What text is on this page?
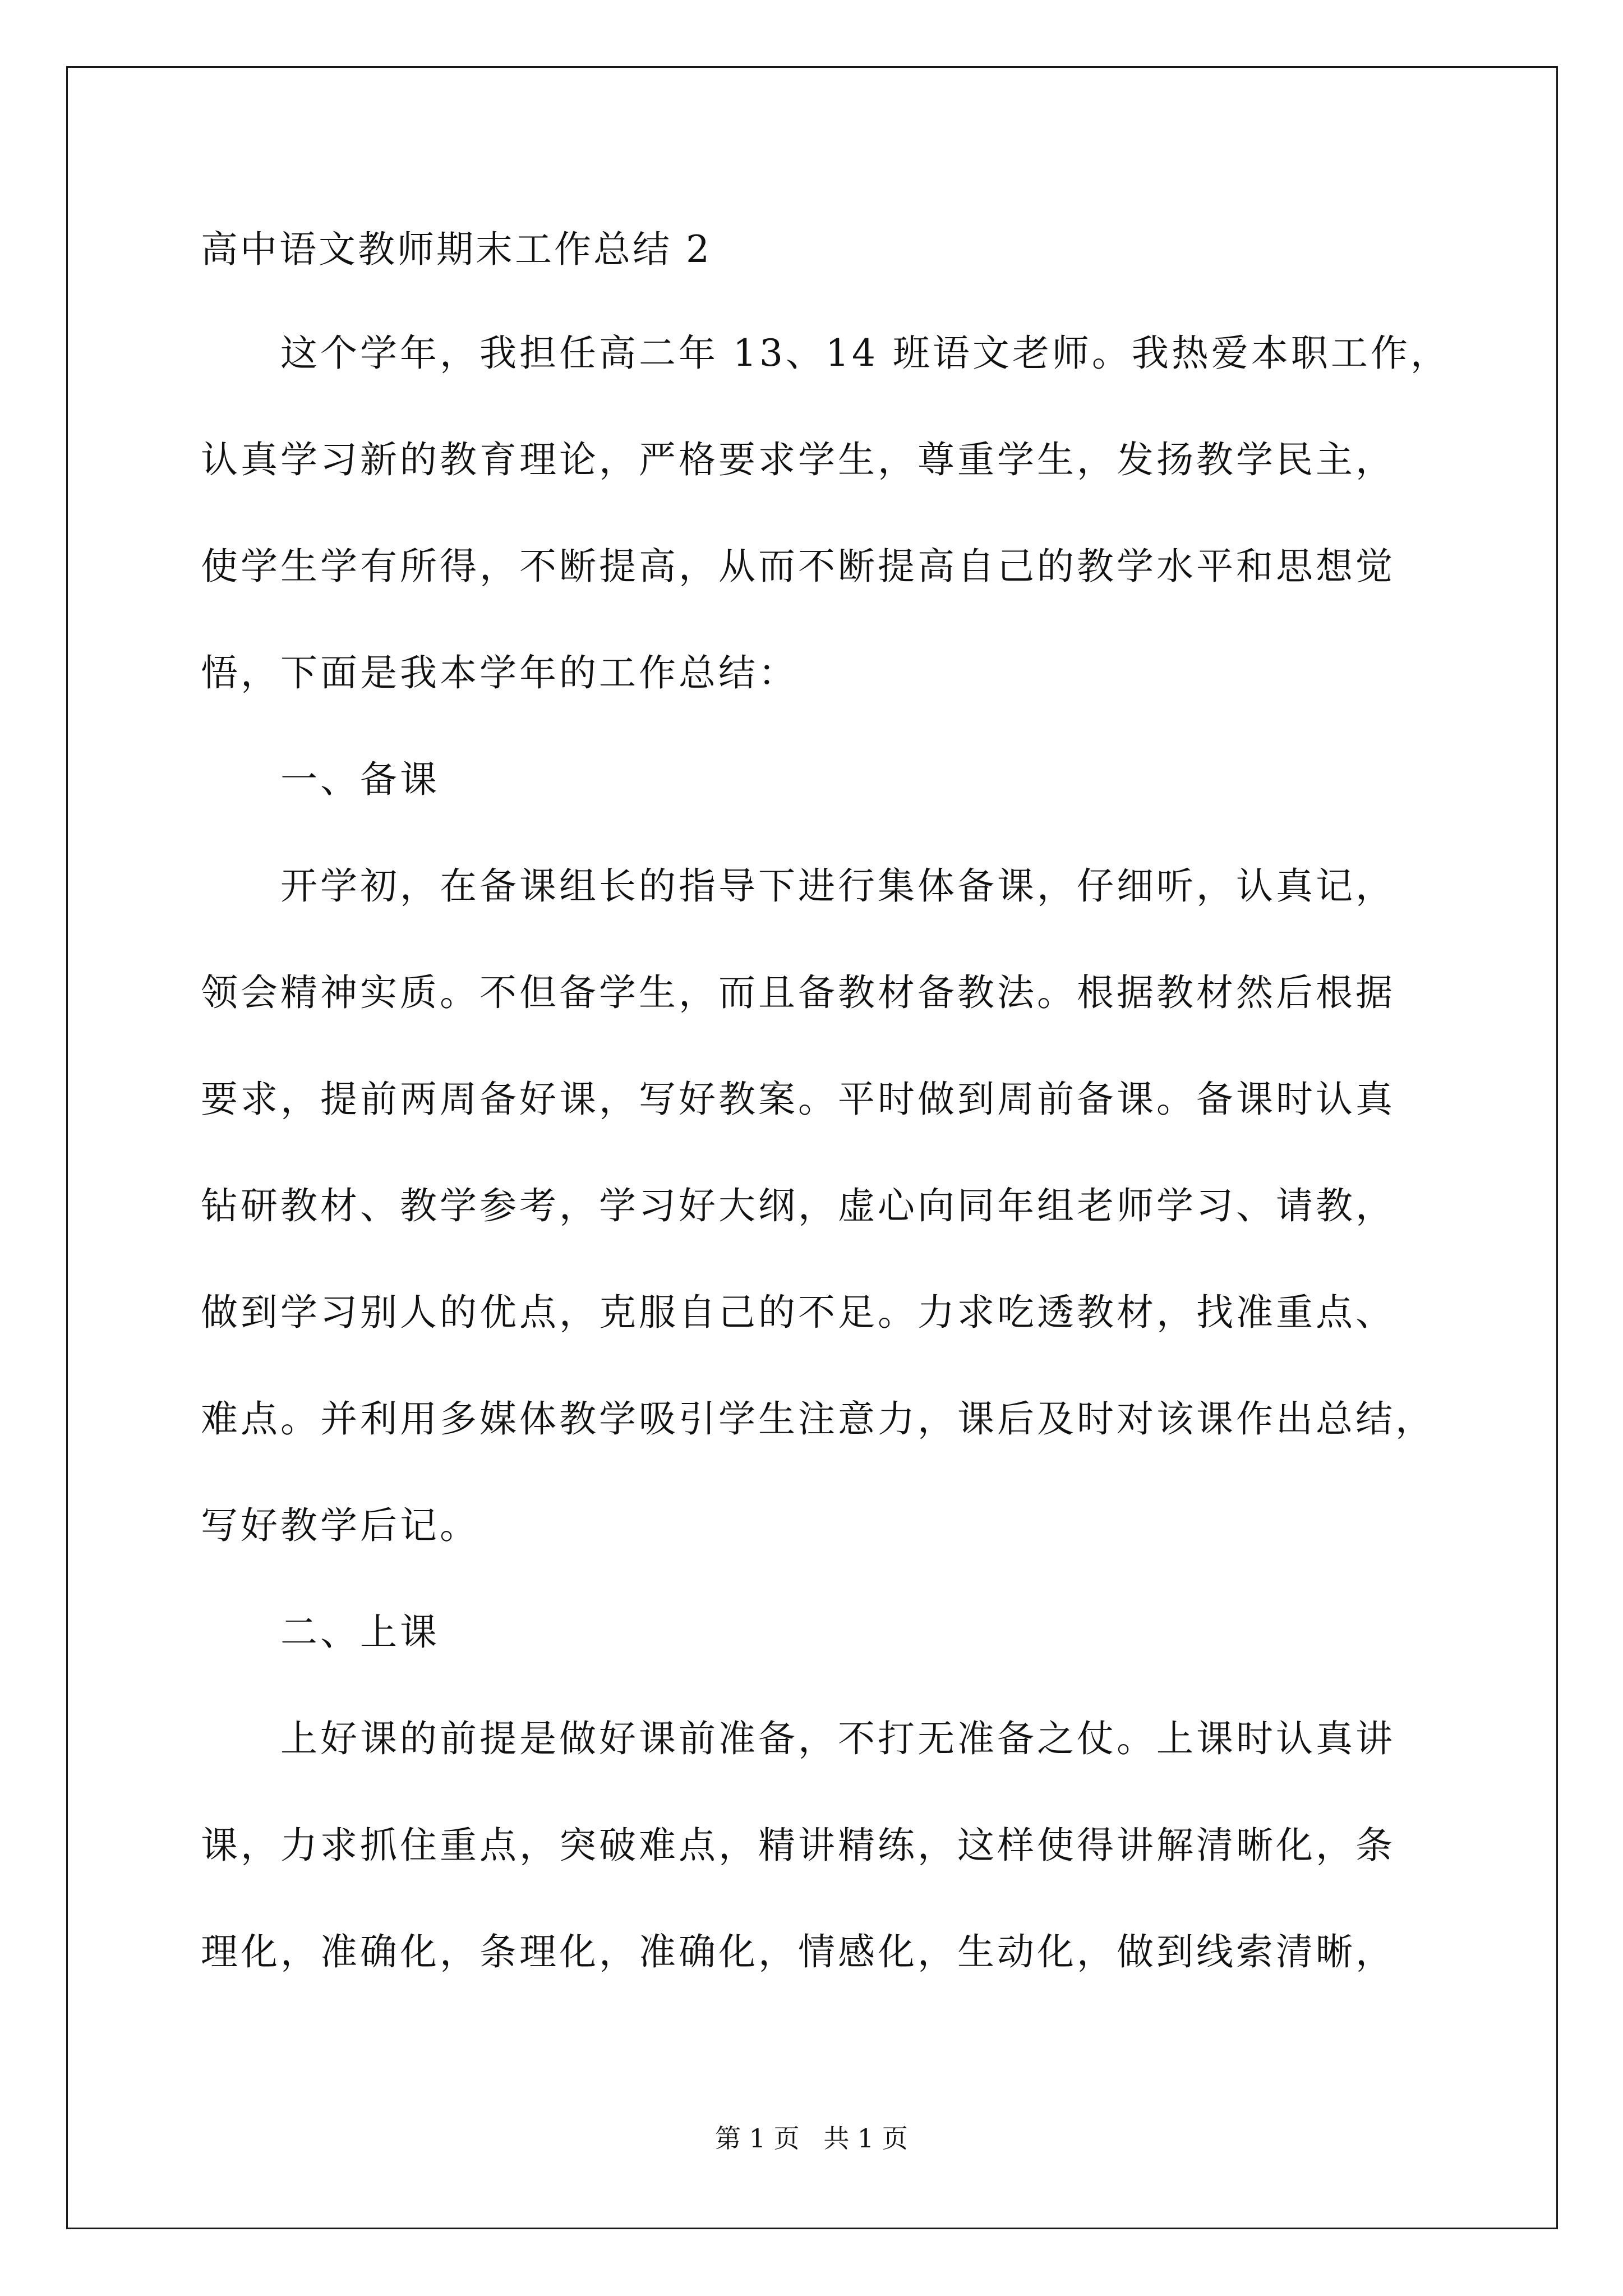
高中语文教师期末工作总结 2
这个学年，我担任高二年 13、14 班语文老师。我热爱本职工作，
认真学习新的教育理论，严格要求学生，尊重学生，发扬教学民主，
使学生学有所得，不断提高，从而不断提高自己的教学水平和思想觉
悟，下面是我本学年的工作总结：
一、备课
开学初，在备课组长的指导下进行集体备课，仔细听，认真记，
领会精神实质。不但备学生，而且备教材备教法。根据教材然后根据
要求，提前两周备好课，写好教案。平时做到周前备课。备课时认真
钻研教材、教学参考，学习好大纲，虚心向同年组老师学习、请教，
做到学习别人的优点，克服自己的不足。力求吃透教材，找准重点、
难点。并利用多媒体教学吸引学生注意力，课后及时对该课作出总结，
写好教学后记。
二、上课
上好课的前提是做好课前准备，不打无准备之仗。上课时认真讲
课，力求抓住重点，突破难点，精讲精练，这样使得讲解清晰化，条
理化，准确化，条理化，准确化，情感化，生动化，做到线索清晰，
第 1 页 共 1 页
